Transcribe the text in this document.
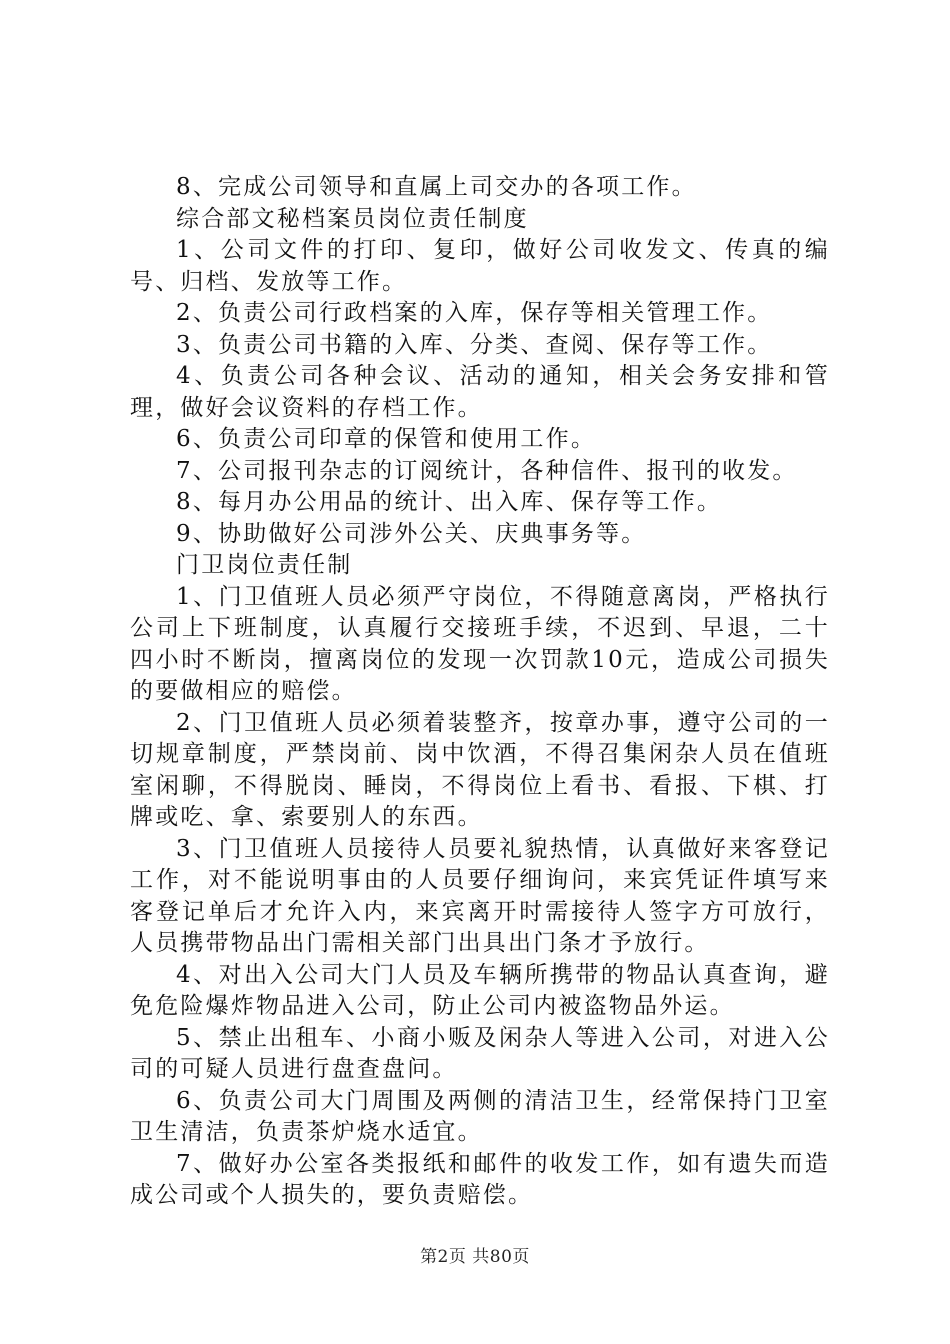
8、完成公司领导和直属上司交办的各项工作。

综合部文秘档案员岗位责任制度

1、公司文件的打印、复印，做好公司收发文、传真的编号、归档、发放等工作。

2、负责公司行政档案的入库，保存等相关管理工作。

3、负责公司书籍的入库、分类、查阅、保存等工作。

4、负责公司各种会议、活动的通知，相关会务安排和管理，做好会议资料的存档工作。

6、负责公司印章的保管和使用工作。

7、公司报刊杂志的订阅统计，各种信件、报刊的收发。

8、每月办公用品的统计、出入库、保存等工作。

9、协助做好公司涉外公关、庆典事务等。

门卫岗位责任制

1、门卫值班人员必须严守岗位，不得随意离岗，严格执行公司上下班制度，认真履行交接班手续，不迟到、早退，二十四小时不断岗，擅离岗位的发现一次罚款10元，造成公司损失的要做相应的赔偿。

2、门卫值班人员必须着装整齐，按章办事，遵守公司的一切规章制度，严禁岗前、岗中饮酒，不得召集闲杂人员在值班室闲聊，不得脱岗、睡岗，不得岗位上看书、看报、下棋、打牌或吃、拿、索要别人的东西。

3、门卫值班人员接待人员要礼貌热情，认真做好来客登记工作，对不能说明事由的人员要仔细询问，来宾凭证件填写来客登记单后才允许入内，来宾离开时需接待人签字方可放行，人员携带物品出门需相关部门出具出门条才予放行。

4、对出入公司大门人员及车辆所携带的物品认真查询，避免危险爆炸物品进入公司，防止公司内被盗物品外运。

5、禁止出租车、小商小贩及闲杂人等进入公司，对进入公司的可疑人员进行盘查盘问。

6、负责公司大门周围及两侧的清洁卫生，经常保持门卫室卫生清洁，负责茶炉烧水适宜。

7、做好办公室各类报纸和邮件的收发工作，如有遗失而造成公司或个人损失的，要负责赔偿。

第2页 共80页
